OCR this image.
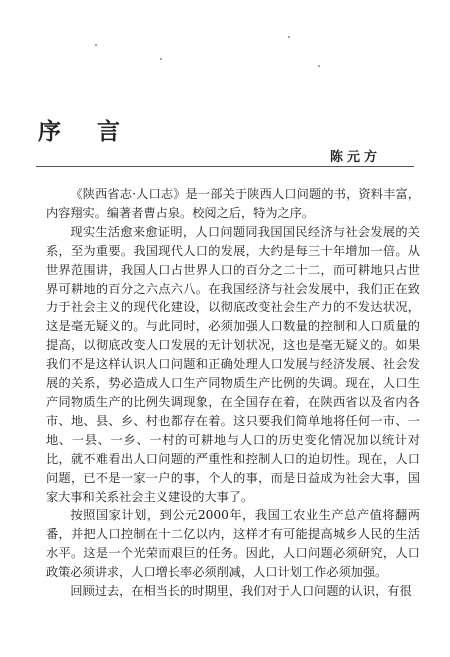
序 言
陈元方

《陕西省志·人口志》是一部关于陕西人口问题的书，资料丰富，内容翔实。编著者曹占泉。校阅之后，特为之序。

现实生活愈来愈证明，人口问题同我国国民经济与社会发展的关系，至为重要。我国现代人口的发展，大约是每三十年增加一倍。从世界范围讲，我国人口占世界人口的百分之二十二，而可耕地只占世界可耕地的百分之六点六八。在我国经济与社会发展中，我们正在致力于社会主义的现代化建设，以彻底改变社会生产力的不发达状况，这是毫无疑义的。与此同时，必须加强人口数量的控制和人口质量的提高，以彻底改变人口发展的无计划状况，这也是毫无疑义的。如果我们不是这样认识人口问题和正确处理人口发展与经济发展、社会发展的关系，势必造成人口生产同物质生产比例的失调。现在，人口生产同物质生产的比例失调现象，在全国存在着，在陕西省以及省内各市、地、县、乡、村也都存在着。这只要我们简单地将任何一市、一地、一县、一乡、一村的可耕地与人口的历史变化情况加以统计对比，就不难看出人口问题的严重性和控制人口的迫切性。现在，人口问题，已不是一家一户的事，个人的事，而是日益成为社会大事，国家大事和关系社会主义建设的大事了。

按照国家计划，到公元2000年，我国工农业生产总产值将翻两番，并把人口控制在十二亿以内，这样才有可能提高城乡人民的生活水平。这是一个光荣而艰巨的任务。因此，人口问题必须研究，人口政策必须讲求，人口增长率必须削减，人口计划工作必须加强。

回顾过去，在相当长的时期里，我们对于人口问题的认识，有很
